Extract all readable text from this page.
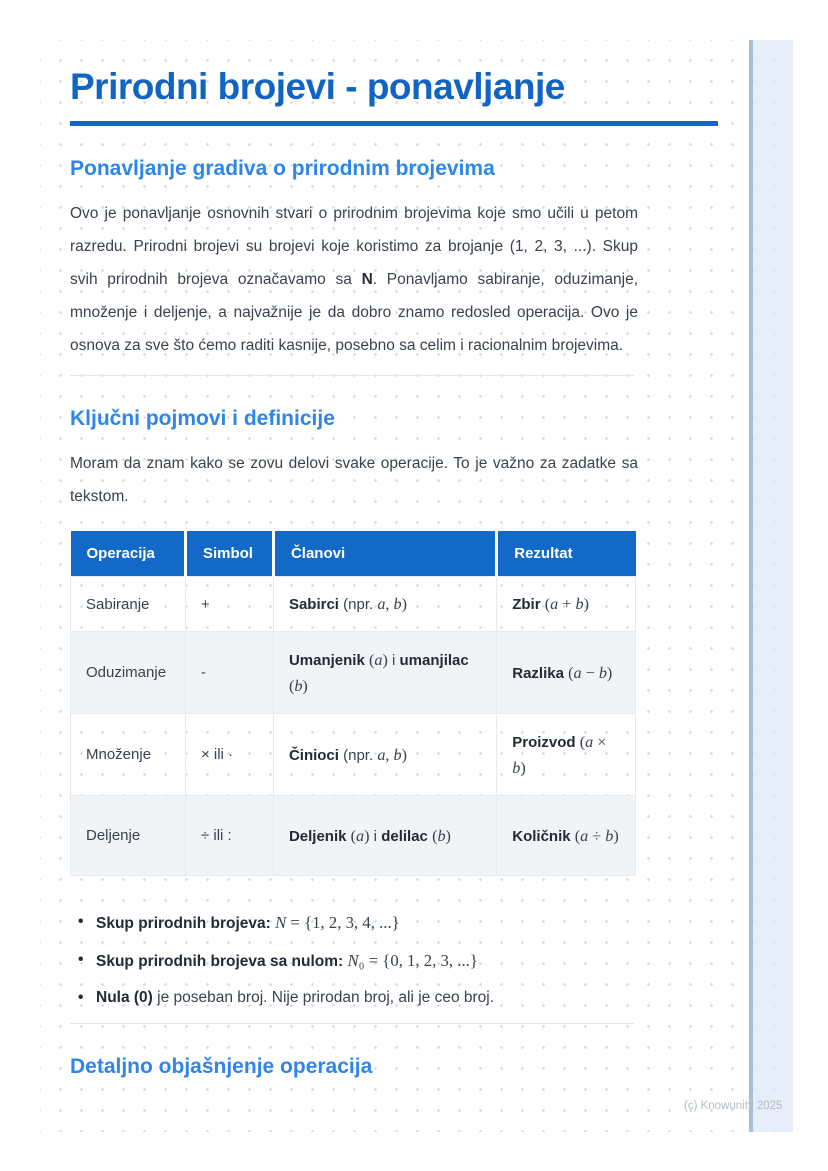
Prirodni brojevi - ponavljanje
Ponavljanje gradiva o prirodnim brojevima

Ovo je ponavljanje osnovnih stvari o prirodnim brojevima koje smo učili u petom razredu. Prirodni brojevi su brojevi koje koristimo za brojanje (1, 2, 3, ...). Skup svih prirodnih brojeva označavamo sa N. Ponavljamo sabiranje, oduzimanje, množenje i deljenje, a najvažnije je da dobro znamo redosled operacija. Ovo je osnova za sve što ćemo raditi kasnije, posebno sa celim i racionalnim brojevima.

Ključni pojmovi i definicije

Moram da znam kako se zovu delovi svake operacije. To je važno za zadatke sa tekstom.

Operacija	Simbol	Članovi	Rezultat
Sabiranje	+	Sabirci (npr. a, b)	Zbir (a + b)
Oduzimanje	-	Umanjenik (a) i umanjilac (b)	Razlika (a − b)
Množenje	× ili ·	Činioci (npr. a, b)	Proizvod (a × b)
Deljenje	÷ ili :	Deljenik (a) i delilac (b)	Količnik (a ÷ b)
• Skup prirodnih brojeva: N = {1, 2, 3, 4, ...}
• Skup prirodnih brojeva sa nulom: N₀ = {0, 1, 2, 3, ...}
• Nula (0) je poseban broj. Nije prirodan broj, ali je ceo broj.
Detaljno objašnjenje operacija
(c) Knowunity 2025
